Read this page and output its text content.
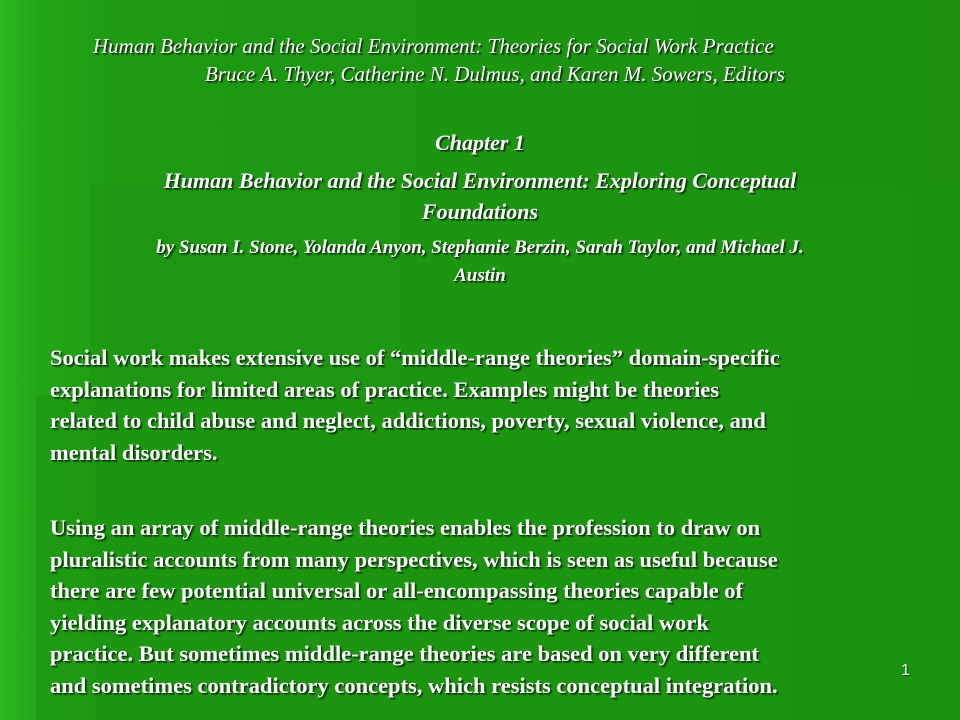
Human Behavior and the Social Environment: Theories for Social Work Practice
Bruce A. Thyer, Catherine N. Dulmus, and Karen M. Sowers, Editors
Chapter 1
Human Behavior and the Social Environment: Exploring Conceptual
Foundations
by Susan I. Stone, Yolanda Anyon, Stephanie Berzin, Sarah Taylor, and Michael J.
Austin
Social work makes extensive use of “middle-range theories” domain-specific
explanations for limited areas of practice. Examples might be theories
related to child abuse and neglect, addictions, poverty, sexual violence, and
mental disorders.
Using an array of middle-range theories enables the profession to draw on
pluralistic accounts from many perspectives, which is seen as useful because
there are few potential universal or all-encompassing theories capable of
yielding explanatory accounts across the diverse scope of social work
practice. But sometimes middle-range theories are based on very different
and sometimes contradictory concepts, which resists conceptual integration.
1
